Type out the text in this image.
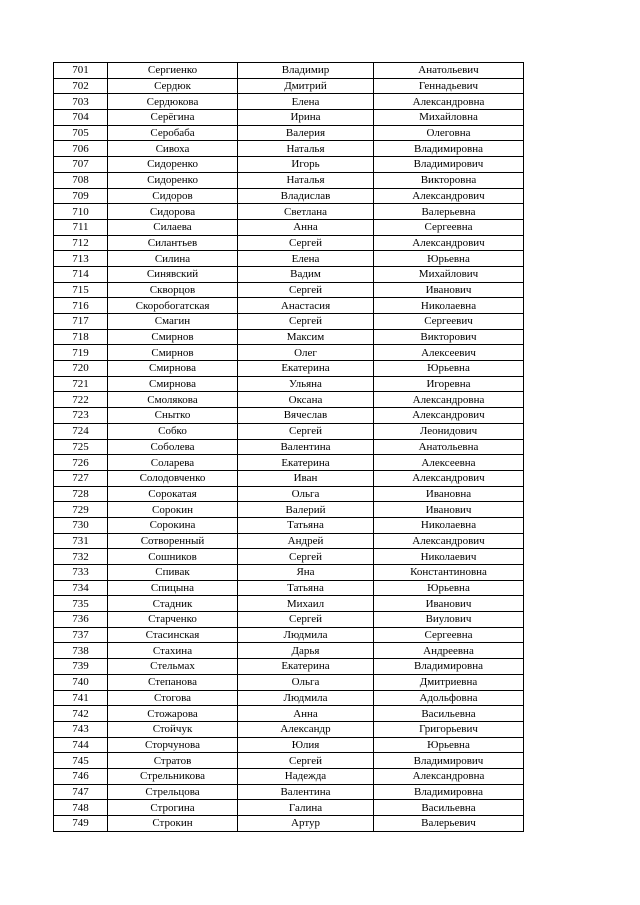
701	Сергиенко	Владимир	Анатольевич
702	Сердюк	Дмитрий	Геннадьевич
703	Сердюкова	Елена	Александровна
704	Серёгина	Ирина	Михайловна
705	Серобаба	Валерия	Олеговна
706	Сивоха	Наталья	Владимировна
707	Сидоренко	Игорь	Владимирович
708	Сидоренко	Наталья	Викторовна
709	Сидоров	Владислав	Александрович
710	Сидорова	Светлана	Валерьевна
711	Силаева	Анна	Сергеевна
712	Силантьев	Сергей	Александрович
713	Силина	Елена	Юрьевна
714	Синявский	Вадим	Михайлович
715	Скворцов	Сергей	Иванович
716	Скоробогатская	Анастасия	Николаевна
717	Смагин	Сергей	Сергеевич
718	Смирнов	Максим	Викторович
719	Смирнов	Олег	Алексеевич
720	Смирнова	Екатерина	Юрьевна
721	Смирнова	Ульяна	Игоревна
722	Смолякова	Оксана	Александровна
723	Снытко	Вячеслав	Александрович
724	Собко	Сергей	Леонидович
725	Соболева	Валентина	Анатольевна
726	Соларева	Екатерина	Алексеевна
727	Солодовченко	Иван	Александрович
728	Сорокатая	Ольга	Ивановна
729	Сорокин	Валерий	Иванович
730	Сорокина	Татьяна	Николаевна
731	Сотворенный	Андрей	Александрович
732	Сошников	Сергей	Николаевич
733	Спивак	Яна	Константиновна
734	Спицына	Татьяна	Юрьевна
735	Стадник	Михаил	Иванович
736	Старченко	Сергей	Виулович
737	Стасинская	Людмила	Сергеевна
738	Стахина	Дарья	Андреевна
739	Стельмах	Екатерина	Владимировна
740	Степанова	Ольга	Дмитриевна
741	Стогова	Людмила	Адольфовна
742	Стожарова	Анна	Васильевна
743	Стойчук	Александр	Григорьевич
744	Сторчунова	Юлия	Юрьевна
745	Стратов	Сергей	Владимирович
746	Стрельникова	Надежда	Александровна
747	Стрельцова	Валентина	Владимировна
748	Строгина	Галина	Васильевна
749	Строкин	Артур	Валерьевич
